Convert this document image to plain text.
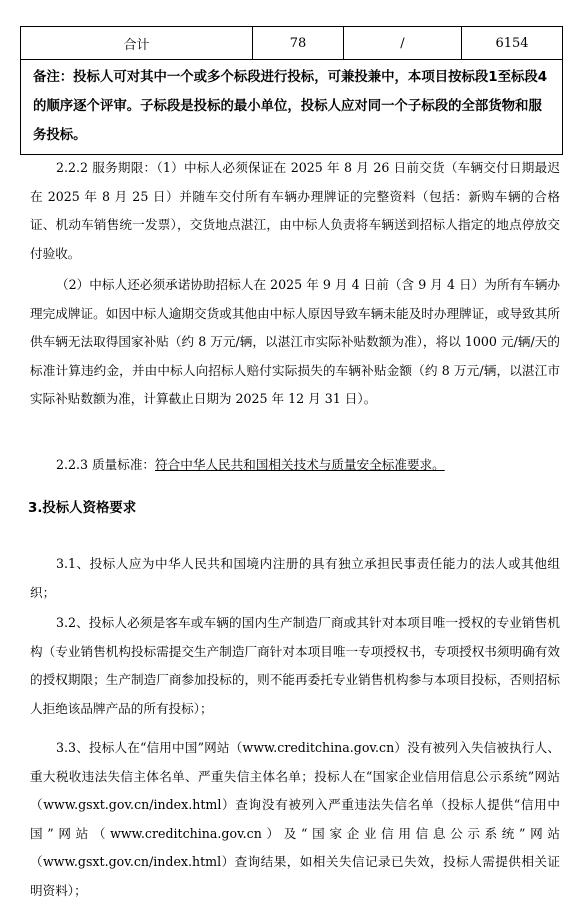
合计	78	/	6154
备注：投标人可对其中一个或多个标段进行投标，可兼投兼中，本项目按标段1至标段4的顺序逐个评审。子标段是投标的最小单位，投标人应对同一个子标段的全部货物和服务投标。

2.2.2 服务期限：（1）中标人必须保证在 2025 年 8 月 26 日前交货（车辆交付日期最迟在 2025 年 8 月 25 日）并随车交付所有车辆办理牌证的完整资料（包括：新购车辆的合格证、机动车销售统一发票），交货地点湛江，由中标人负责将车辆送到招标人指定的地点停放交付验收。

（2）中标人还必须承诺协助招标人在 2025 年 9 月 4 日前（含 9 月 4 日）为所有车辆办理完成牌证。如因中标人逾期交货或其他由中标人原因导致车辆未能及时办理牌证，或导致其所供车辆无法取得国家补贴（约 8 万元/辆，以湛江市实际补贴数额为准），将以 1000 元/辆/天的标准计算违约金，并由中标人向招标人赔付实际损失的车辆补贴金额（约 8 万元/辆，以湛江市实际补贴数额为准，计算截止日期为 2025 年 12 月 31 日）。

2.2.3 质量标准：符合中华人民共和国相关技术与质量安全标准要求。

3.投标人资格要求

3.1、投标人应为中华人民共和国境内注册的具有独立承担民事责任能力的法人或其他组织；

3.2、投标人必须是客车或车辆的国内生产制造厂商或其针对本项目唯一授权的专业销售机构（专业销售机构投标需提交生产制造厂商针对本项目唯一专项授权书，专项授权书须明确有效的授权期限；生产制造厂商参加投标的，则不能再委托专业销售机构参与本项目投标，否则招标人拒绝该品牌产品的所有投标）；

3.3、投标人在“信用中国”网站（www.creditchina.gov.cn）没有被列入失信被执行人、重大税收违法失信主体名单、严重失信主体名单；投标人在“国家企业信用信息公示系统”网站（www.gsxt.gov.cn/index.html）查询没有被列入严重违法失信名单（投标人提供“信用中国”网站（www.creditchina.gov.cn）及“国家企业信用信息公示系统”网站（www.gsxt.gov.cn/index.html）查询结果，如相关失信记录已失效，投标人需提供相关证明资料）；
